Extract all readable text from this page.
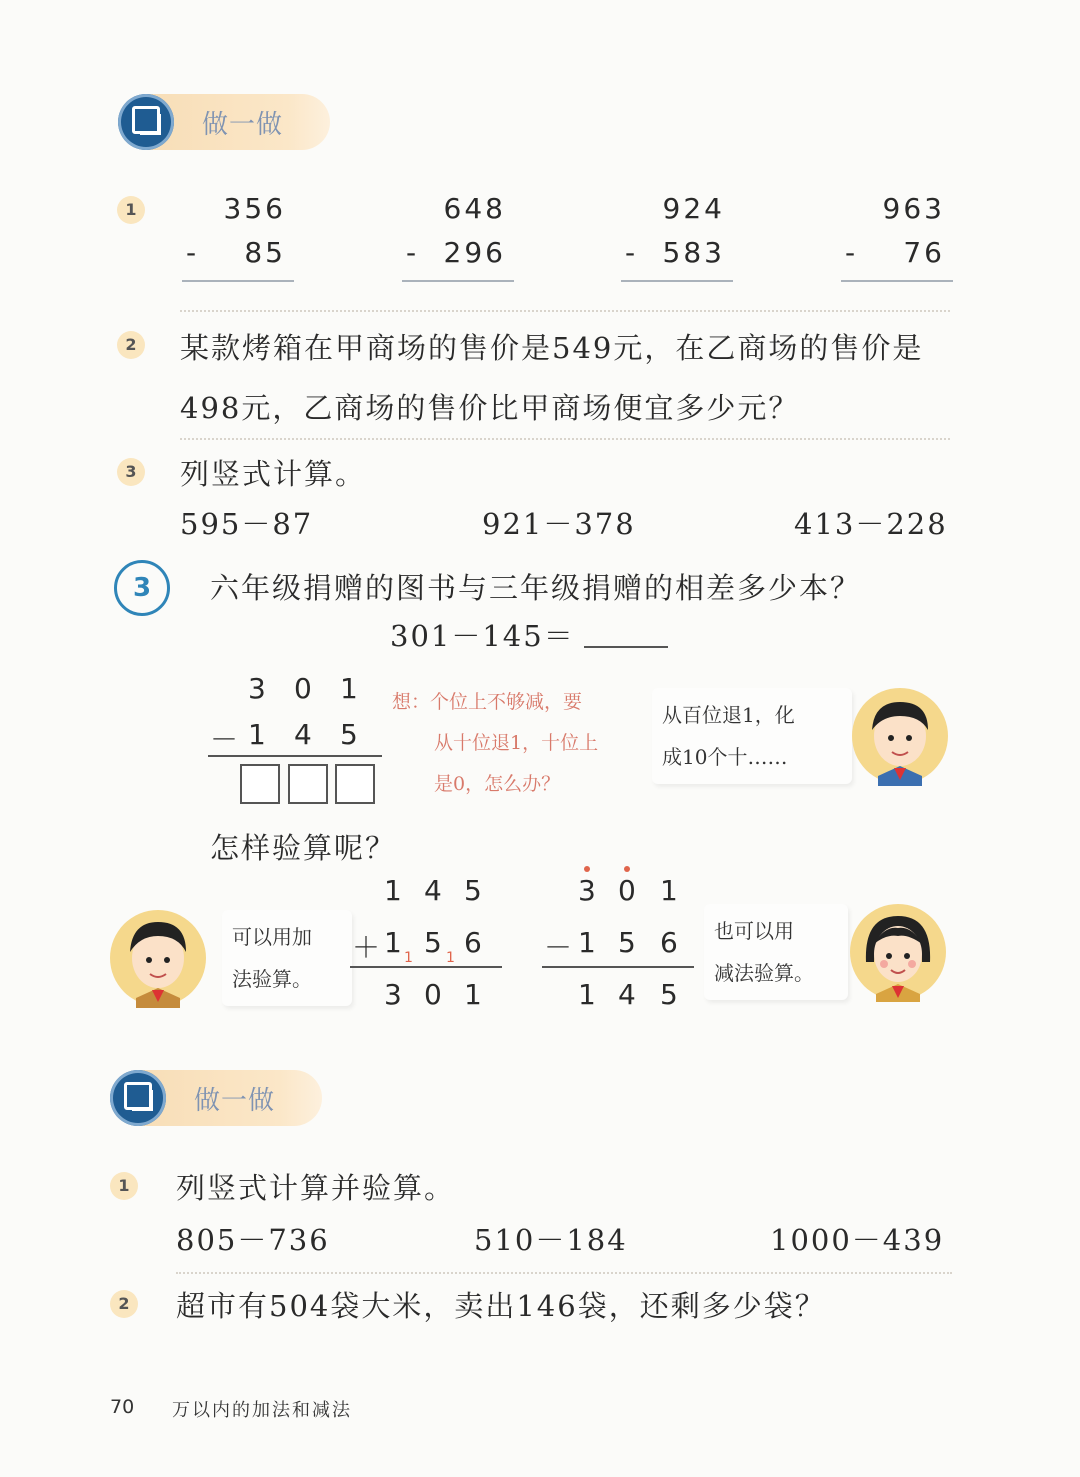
做一做
1	356
- 85
648
- 296
924
- 583
963
- 76
2 某款烤箱在甲商场的售价是549元，在乙商场的售价是
498元，乙商场的售价比甲商场便宜多少元？
3 列竖式计算。
595－87	921－378	413－228
3	六年级捐赠的图书与三年级捐赠的相差多少本？
301－145＝
3 0 1
－ 1 4 5
想：个位上不够减，要
从十位退1，十位上
是0，怎么办？
从百位退1，化
成10个十……
怎样验算呢？
可以用加
法验算。
1 4 5
＋ 1 5 6
1 1
3 0 1
3 0 1
－ 1 5 6
1 4 5
也可以用
减法验算。
做一做
1 列竖式计算并验算。
805－736	510－184	1000－439
2 超市有504袋大米，卖出146袋，还剩多少袋？
70 万以内的加法和减法
